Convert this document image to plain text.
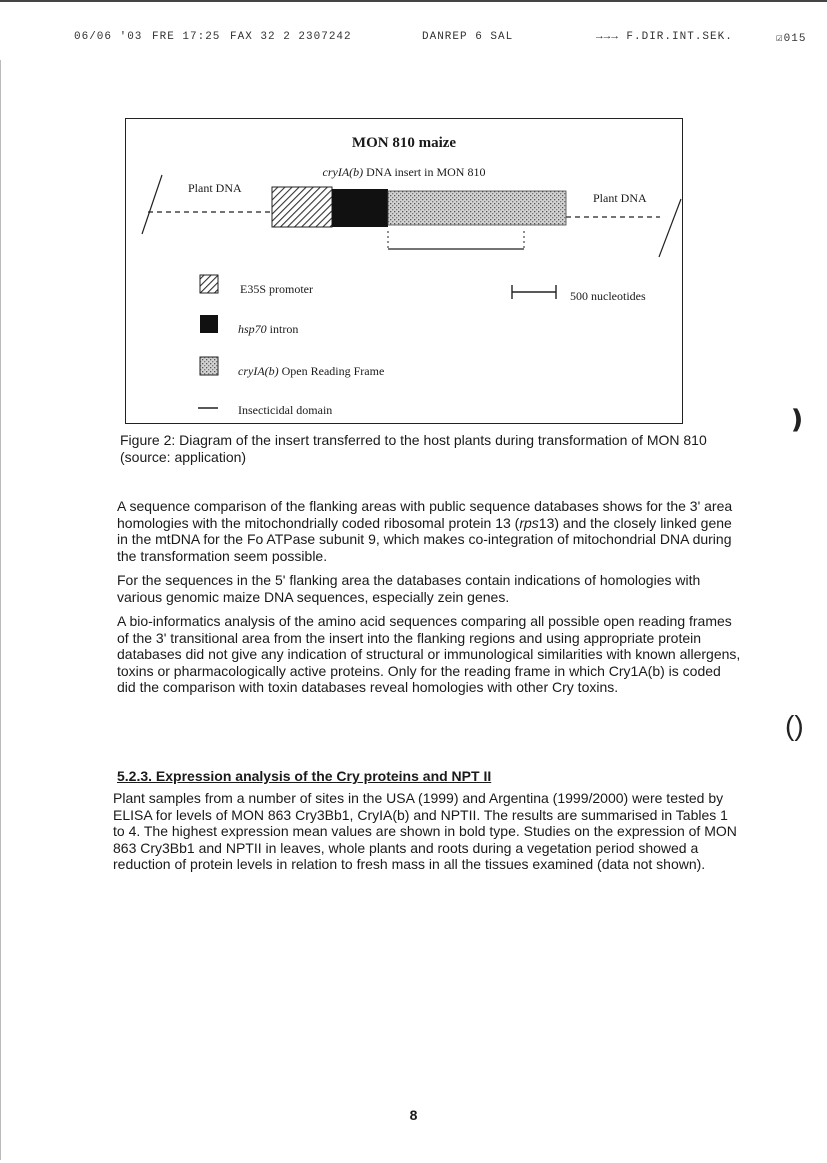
06/06 '03 FRE 17:25 FAX 32 2 2307242	DANREP 6 SAL	→→→ F.DIR.INT.SEK.	☑015
MON 810 maize
cryIA(b) DNA insert in MON 810
Plant DNA
Plant DNA
E35S promoter
hsp70 intron
cryIA(b) Open Reading Frame
Insecticidal domain
500 nucleotides
Figure 2: Diagram of the insert transferred to the host plants during transformation of MON 810 (source: application)

A sequence comparison of the flanking areas with public sequence databases shows for the 3' area homologies with the mitochondrially coded ribosomal protein 13 (rps13) and the closely linked gene in the mtDNA for the Fo ATPase subunit 9, which makes co-integration of mitochondrial DNA during the transformation seem possible.

For the sequences in the 5' flanking area the databases contain indications of homologies with various genomic maize DNA sequences, especially zein genes.

A bio-informatics analysis of the amino acid sequences comparing all possible open reading frames of the 3' transitional area from the insert into the flanking regions and using appropriate protein databases did not give any indication of structural or immunological similarities with known allergens, toxins or pharmacologically active proteins. Only for the reading frame in which Cry1A(b) is coded did the comparison with toxin databases reveal homologies with other Cry toxins.

5.2.3. Expression analysis of the Cry proteins and NPT II

Plant samples from a number of sites in the USA (1999) and Argentina (1999/2000) were tested by ELISA for levels of MON 863 Cry3Bb1, CryIA(b) and NPTII. The results are summarised in Tables 1 to 4. The highest expression mean values are shown in bold type. Studies on the expression of MON 863 Cry3Bb1 and NPTII in leaves, whole plants and roots during a vegetation period showed a reduction of protein levels in relation to fresh mass in all the tissues examined (data not shown).

❫
()
8
